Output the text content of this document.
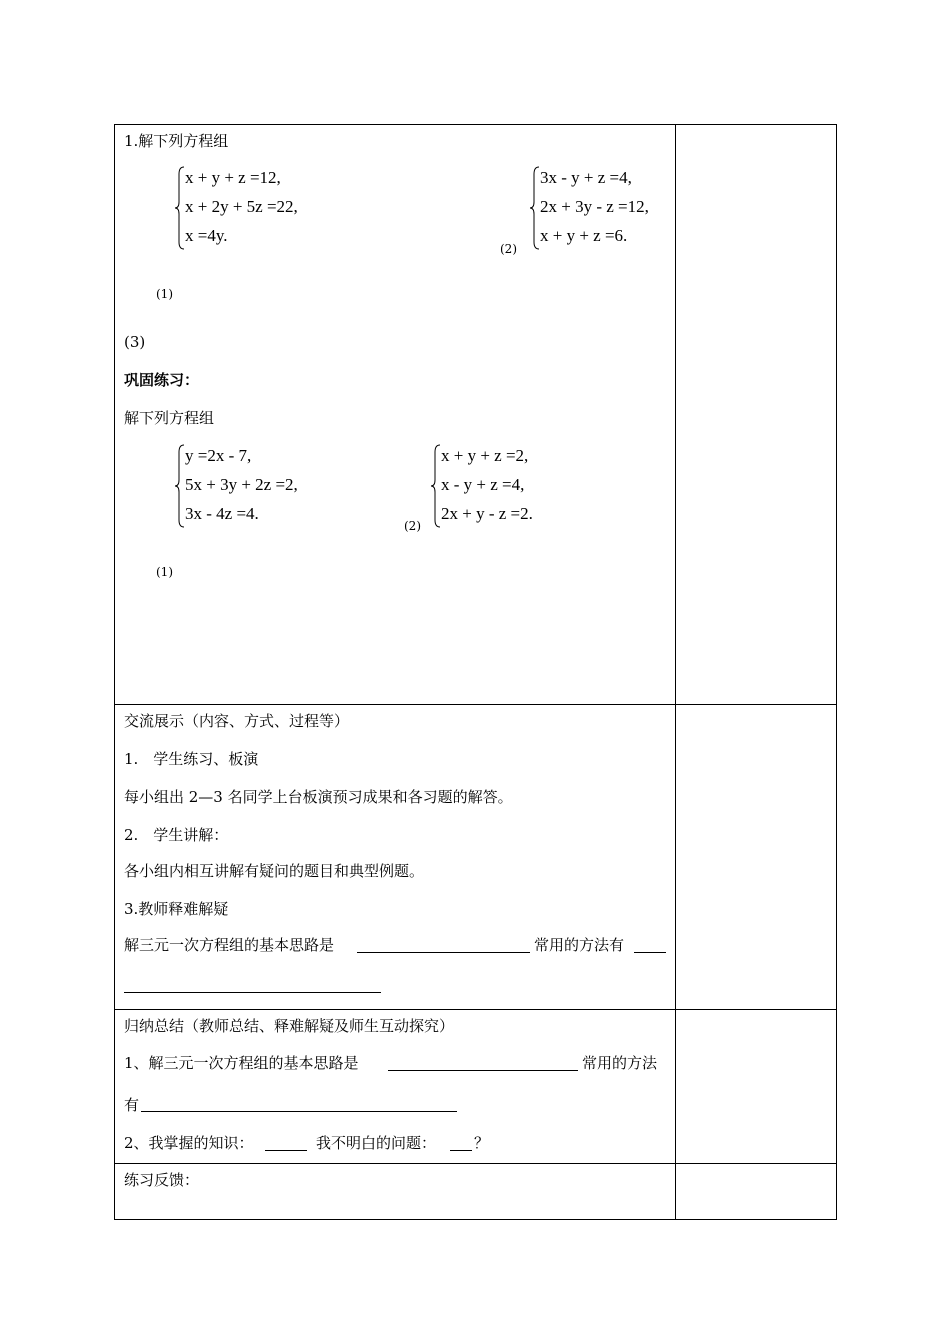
1.解下列方程组
x + y + z =12,
x + 2y + 5z =22,
x =4y.
(1)
(2)
3x - y + z =4,
2x + 3y - z =12,
x + y + z =6.
(3)
巩固练习：
解下列方程组
y =2x - 7,
5x + 3y + 2z =2,
3x - 4z =4.
(1)
(2)
x + y + z =2,
x - y + z =4,
2x + y - z =2.
交流展示（内容、方式、过程等）
1.　学生练习、板演
每小组出 2—3 名同学上台板演预习成果和各习题的解答。
2.　学生讲解：
各小组内相互讲解有疑问的题目和典型例题。
3.教师释难解疑
解三元一次方程组的基本思路是	常用的方法有
归纳总结（教师总结、释难解疑及师生互动探究）
1、解三元一次方程组的基本思路是	常用的方法
有
2、我掌握的知识：	我不明白的问题：	？
练习反馈：
